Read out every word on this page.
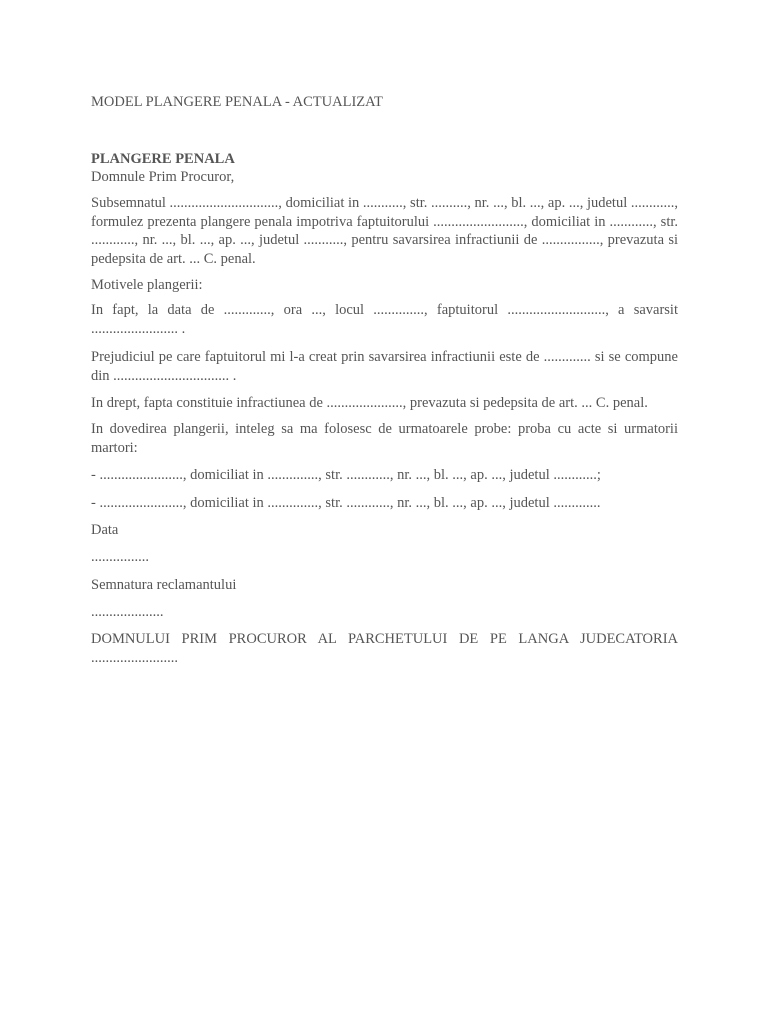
MODEL PLANGERE PENALA - ACTUALIZAT
PLANGERE PENALA
Domnule Prim Procuror,
Subsemnatul .............................., domiciliat in ..........., str. .........., nr. ..., bl. ..., ap. ..., judetul ............, formulez prezenta plangere penala impotriva faptuitorului ........................., domiciliat in ............, str. ............, nr. ..., bl. ..., ap. ..., judetul ..........., pentru savarsirea infractiunii de ................, prevazuta si pedepsita de art. ... C. penal.
Motivele plangerii:
In fapt, la data de ............., ora ..., locul .............., faptuitorul ..........................., a savarsit ........................ .
Prejudiciul pe care faptuitorul mi l-a creat prin savarsirea infractiunii este de ............. si se compune din ................................ .
In drept, fapta constituie infractiunea de ....................., prevazuta si pedepsita de art. ... C. penal.
In dovedirea plangerii, inteleg sa ma folosesc de urmatoarele probe: proba cu acte si urmatorii martori:
- ......................., domiciliat in .............., str. ............, nr. ..., bl. ..., ap. ..., judetul ............;
- ......................., domiciliat in .............., str. ............, nr. ..., bl. ..., ap. ..., judetul .............
Data
................
Semnatura reclamantului
....................
DOMNULUI PRIM PROCUROR AL PARCHETULUI DE PE LANGA JUDECATORIA ........................
